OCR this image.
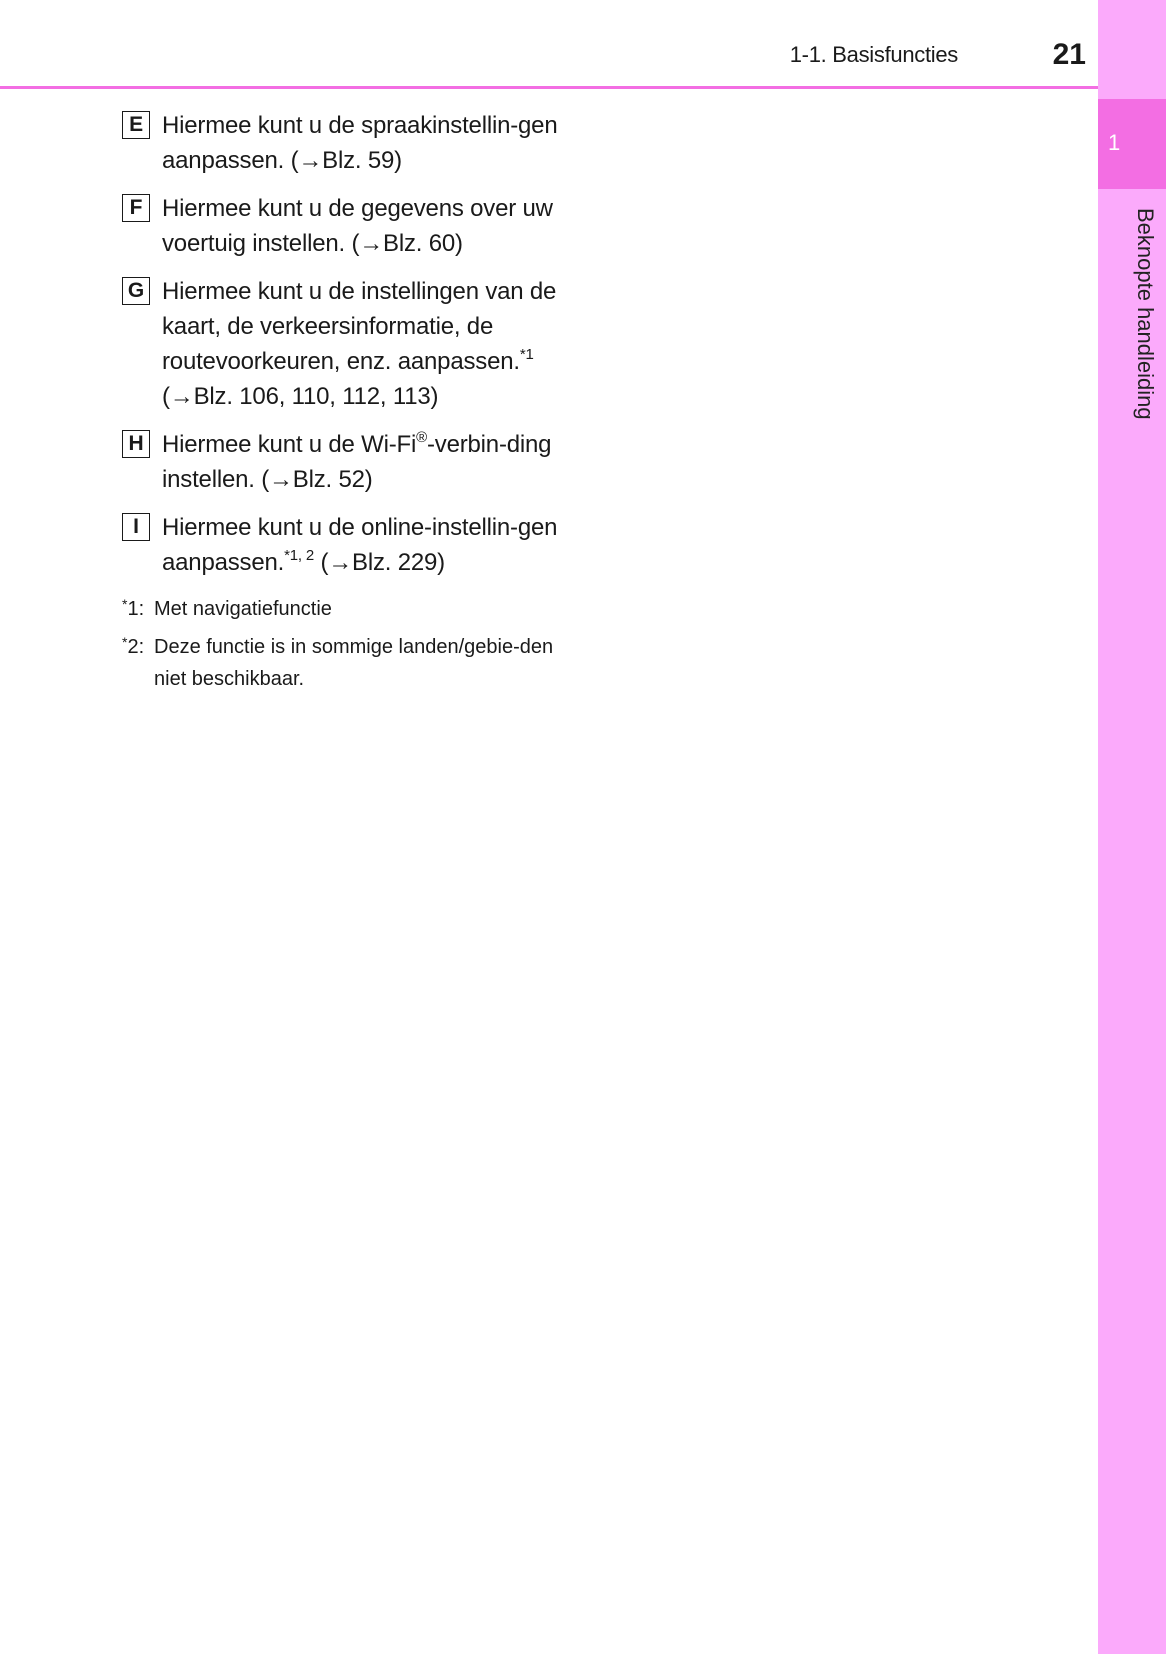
1
Beknopte handleiding
1-1. Basisfuncties	21
E Hiermee kunt u de spraakinstellin-gen aanpassen. (→Blz. 59)
F Hiermee kunt u de gegevens over uw voertuig instellen. (→Blz. 60)
G Hiermee kunt u de instellingen van de kaart, de verkeersinformatie, de routevoorkeuren, enz. aanpassen.$^{*1}$ (→Blz. 106, 110, 112, 113)
H Hiermee kunt u de Wi-Fi®-verbin-ding instellen. (→Blz. 52)
I Hiermee kunt u de online-instellin-gen aanpassen.$^{*1, 2}$ (→Blz. 229)
*1: Met navigatiefunctie
*2: Deze functie is in sommige landen/gebie-den niet beschikbaar.
